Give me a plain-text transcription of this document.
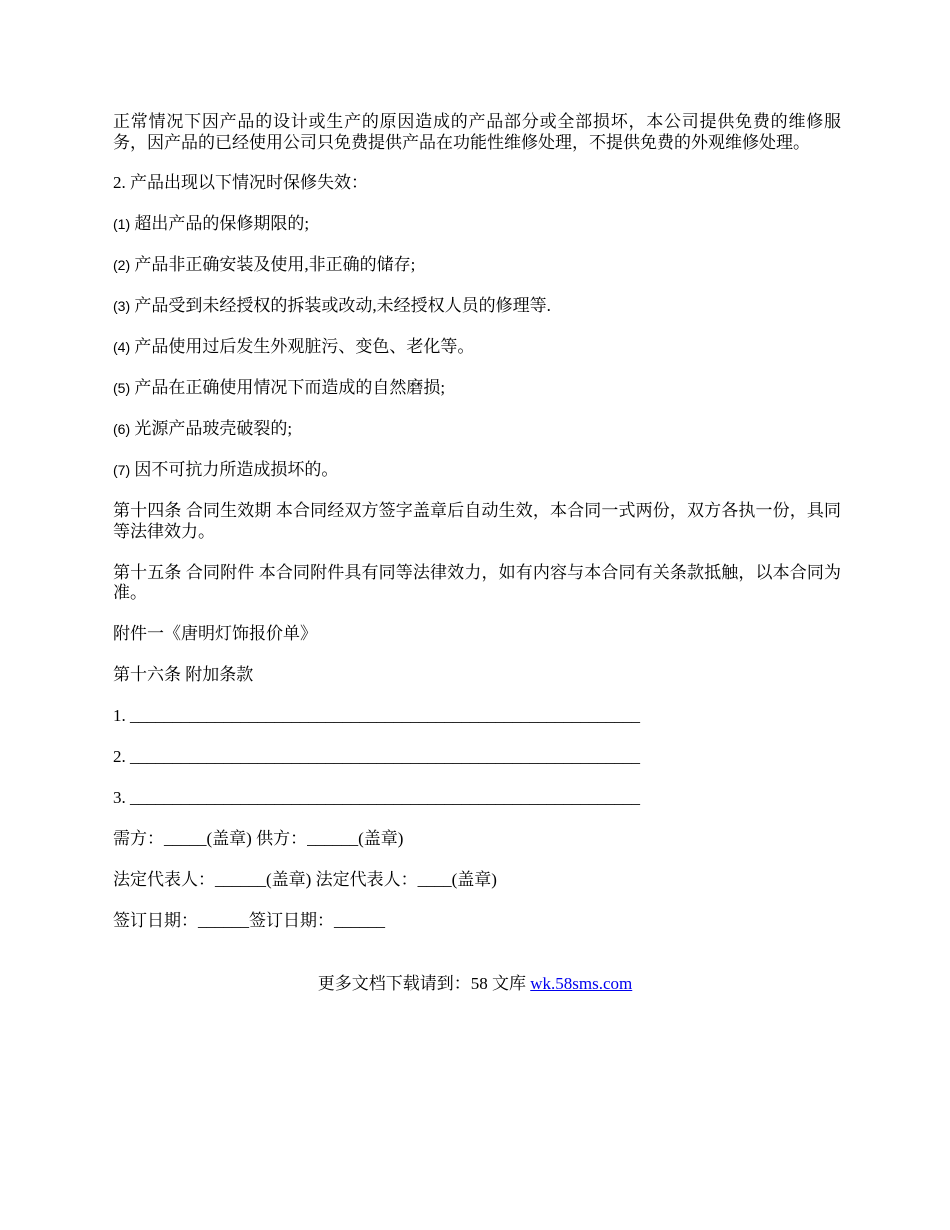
正常情况下因产品的设计或生产的原因造成的产品部分或全部损坏，本公司提供免费的维修服务，因产品的已经使用公司只免费提供产品在功能性维修处理，不提供免费的外观维修处理。

2. 产品出现以下情况时保修失效：

(1) 超出产品的保修期限的;

(2) 产品非正确安装及使用,非正确的储存;

(3) 产品受到未经授权的拆装或改动,未经授权人员的修理等.

(4) 产品使用过后发生外观脏污、变色、老化等。

(5) 产品在正确使用情况下而造成的自然磨损;

(6) 光源产品玻壳破裂的;

(7) 因不可抗力所造成损坏的。

第十四条 合同生效期 本合同经双方签字盖章后自动生效，本合同一式两份，双方各执一份，具同等法律效力。

第十五条 合同附件 本合同附件具有同等法律效力，如有内容与本合同有关条款抵触，以本合同为准。

附件一《唐明灯饰报价单》

第十六条 附加条款

1. ____________________________________________________________

2. ____________________________________________________________

3. ____________________________________________________________

需方：_____(盖章) 供方：______(盖章)

法定代表人：______(盖章) 法定代表人：____(盖章)

签订日期：______签订日期：______

更多文档下载请到：58 文库 wk.58sms.com
